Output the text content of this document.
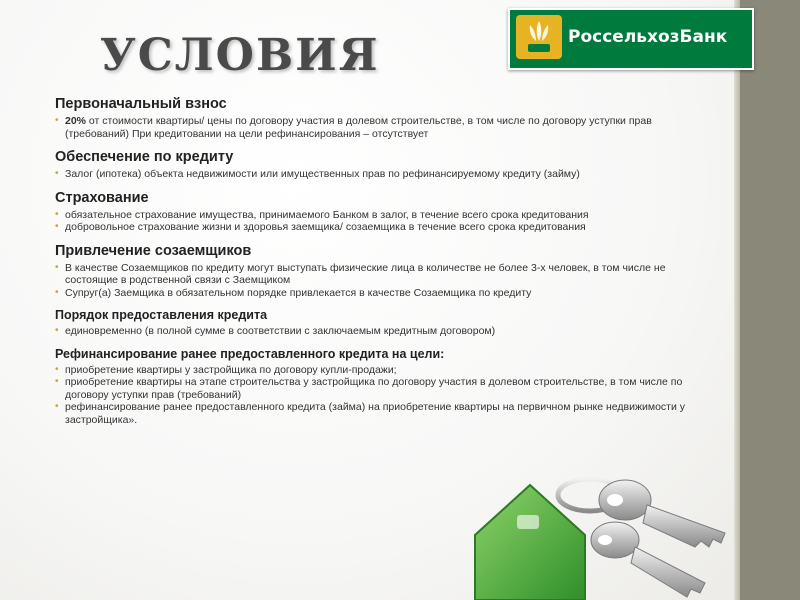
УСЛОВИЯ	РоссельхозБанк
Первоначальный взнос
• 20% от стоимости квартиры/ цены по договору участия в долевом строительстве, в том числе по договору уступки прав (требований) При кредитовании на цели рефинансирования – отсутствует
Обеспечение по кредиту
• Залог (ипотека) объекта недвижимости или имущественных прав по рефинансируемому кредиту (займу)
Страхование
• обязательное страхование имущества, принимаемого Банком в залог, в течение всего срока кредитования
• добровольное страхование жизни и здоровья заемщика/ созаемщика в течение всего срока кредитования
Привлечение созаемщиков
• В качестве Созаемщиков по кредиту могут выступать физические лица в количестве не более 3-х человек, в том числе не состоящие в родственной связи с Заемщиком
• Супруг(а) Заемщика в обязательном порядке привлекается в качестве Созаемщика по кредиту
Порядок предоставления кредита
• единовременно (в полной сумме в соответствии с заключаемым кредитным договором)
Рефинансирование ранее предоставленного кредита на цели:
• приобретение квартиры у застройщика по договору купли-продажи;
• приобретение квартиры на этапе строительства у застройщика по договору участия в долевом строительстве, в том числе по договору уступки прав (требований)
• рефинансирование ранее предоставленного кредита (займа) на приобретение квартиры на первичном рынке недвижимости у застройщика».
